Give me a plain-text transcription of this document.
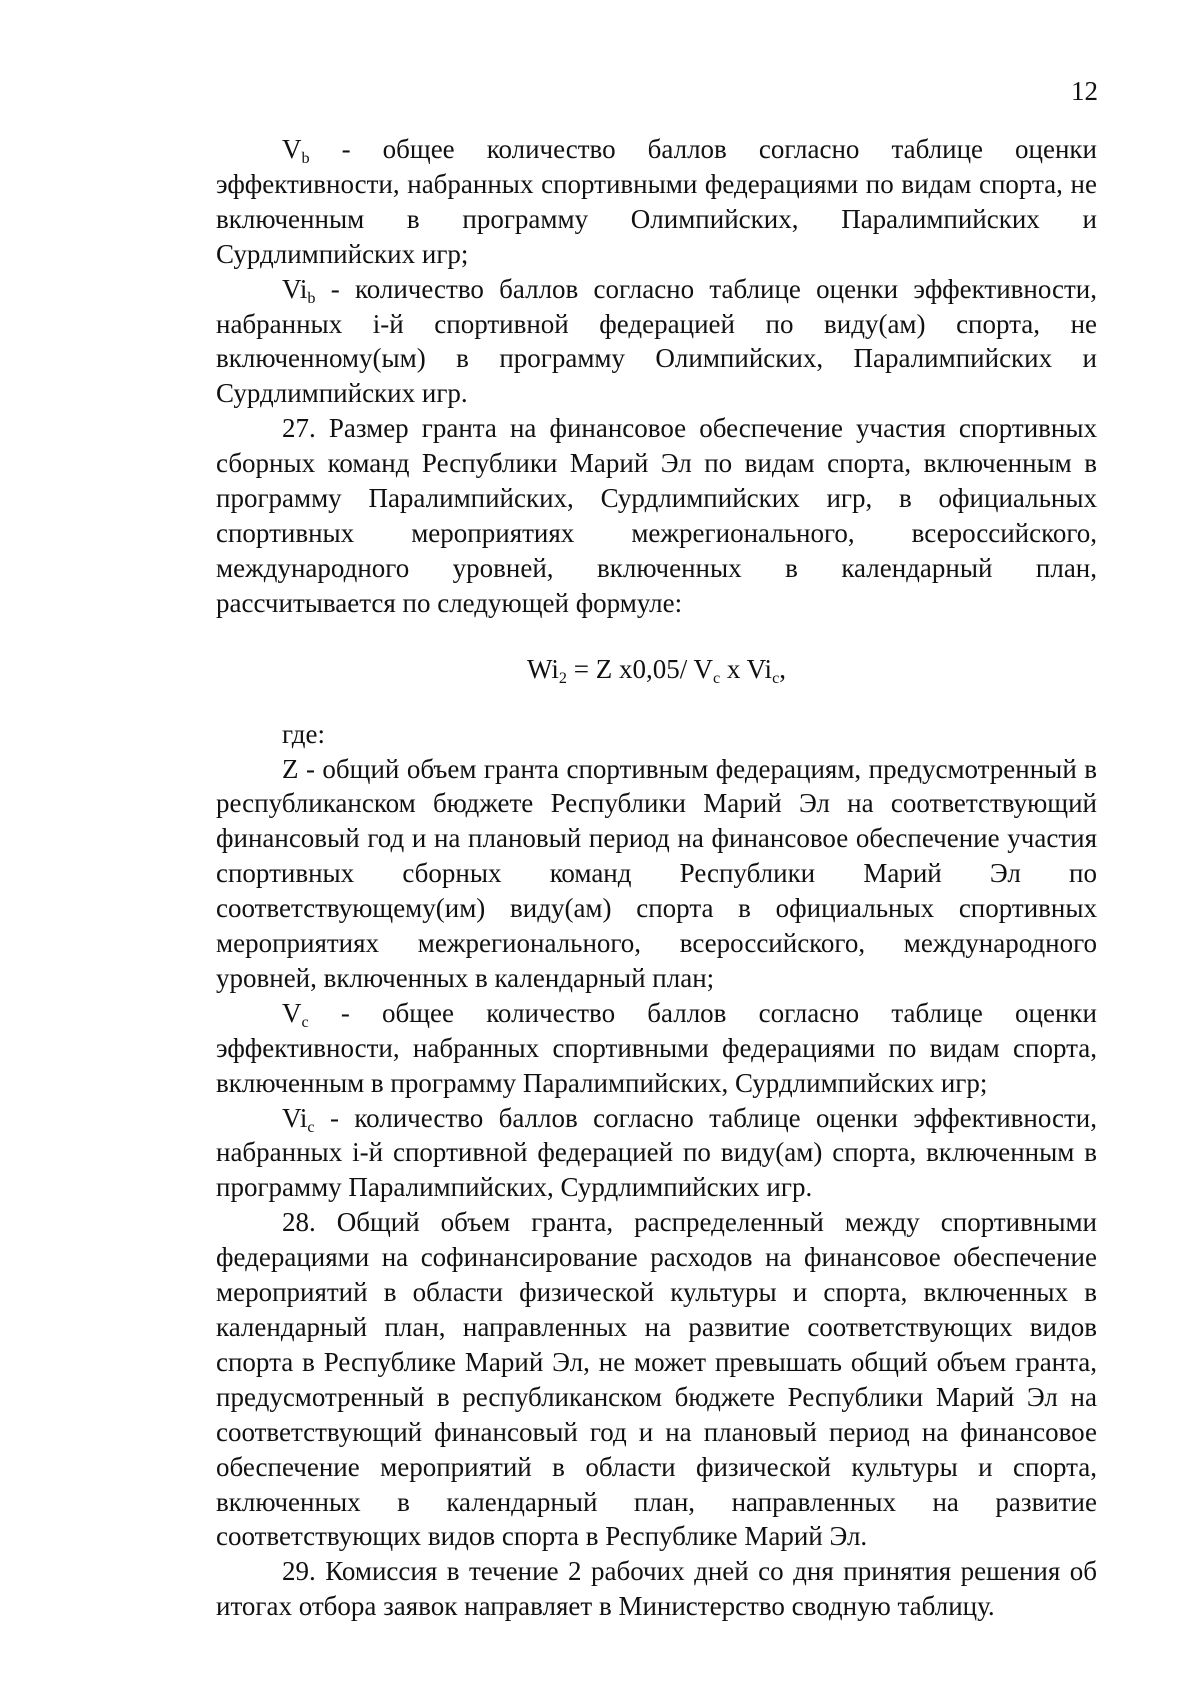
12

$V_b$ - общее количество баллов согласно таблице оценки эффективности, набранных спортивными федерациями по видам спорта, не включенным в программу Олимпийских, Паралимпийских и Сурдлимпийских игр;

$Vi_b$ - количество баллов согласно таблице оценки эффективности, набранных i-й спортивной федерацией по виду(ам) спорта, не включенному(ым) в программу Олимпийских, Паралимпийских и Сурдлимпийских игр.

27. Размер гранта на финансовое обеспечение участия спортивных сборных команд Республики Марий Эл по видам спорта, включенным в программу Паралимпийских, Сурдлимпийских игр, в официальных спортивных мероприятиях межрегионального, всероссийского, международного уровней, включенных в календарный план, рассчитывается по следующей формуле:

$Wi_2 = Z$ x0,05/ $V_c$ x $Vi_c$,

где:

Z - общий объем гранта спортивным федерациям, предусмотренный в республиканском бюджете Республики Марий Эл на соответствующий финансовый год и на плановый период на финансовое обеспечение участия спортивных сборных команд Республики Марий Эл по соответствующему(им) виду(ам) спорта в официальных спортивных мероприятиях межрегионального, всероссийского, международного уровней, включенных в календарный план;

$V_c$ - общее количество баллов согласно таблице оценки эффективности, набранных спортивными федерациями по видам спорта, включенным в программу Паралимпийских, Сурдлимпийских игр;

$Vi_c$ - количество баллов согласно таблице оценки эффективности, набранных i-й спортивной федерацией по виду(ам) спорта, включенным в программу Паралимпийских, Сурдлимпийских игр.

28. Общий объем гранта, распределенный между спортивными федерациями на софинансирование расходов на финансовое обеспечение мероприятий в области физической культуры и спорта, включенных в календарный план, направленных на развитие соответствующих видов спорта в Республике Марий Эл, не может превышать общий объем гранта, предусмотренный в республиканском бюджете Республики Марий Эл на соответствующий финансовый год и на плановый период на финансовое обеспечение мероприятий в области физической культуры и спорта, включенных в календарный план, направленных на развитие соответствующих видов спорта в Республике Марий Эл.

29. Комиссия в течение 2 рабочих дней со дня принятия решения об итогах отбора заявок направляет в Министерство сводную таблицу.
